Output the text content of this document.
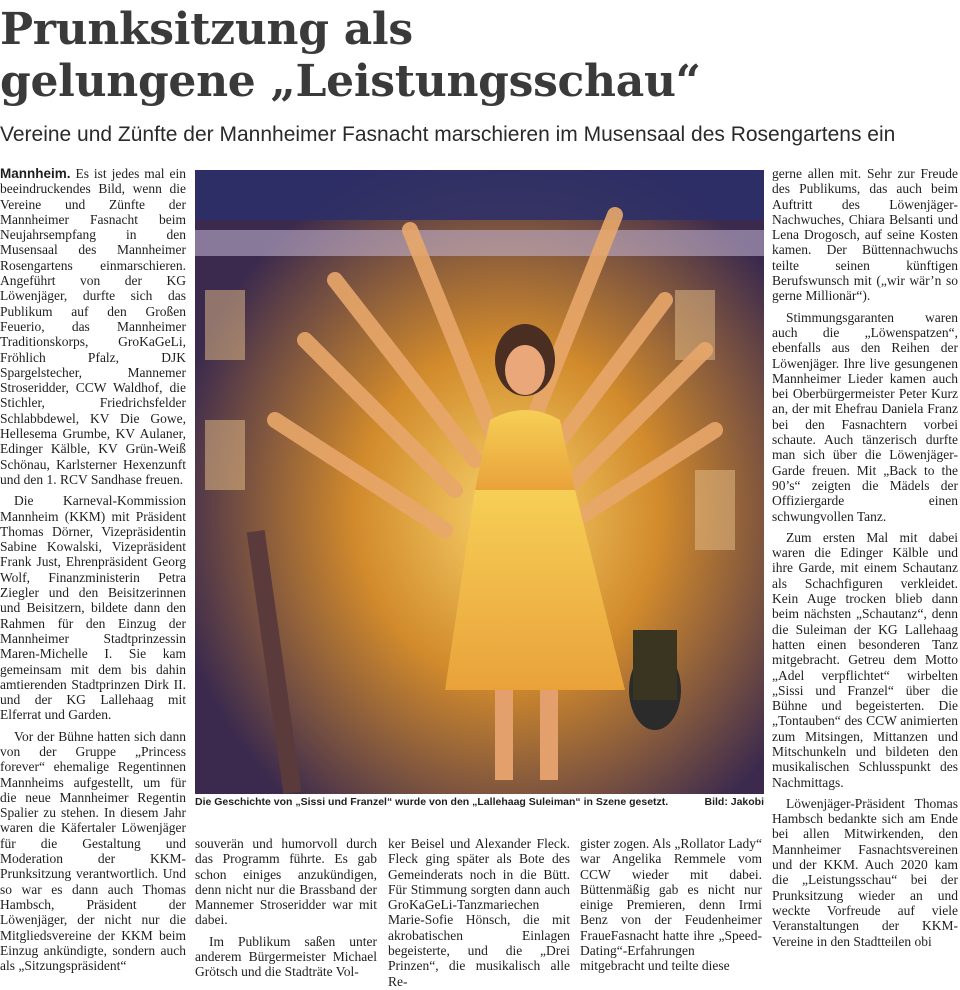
Prunksitzung als
gelungene „Leistungsschau“

Vereine und Zünfte der Mannheimer Fasnacht marschieren im Musensaal des Rosengartens ein

Mannheim. Es ist jedes mal ein beeindruckendes Bild, wenn die Vereine und Zünfte der Mannheimer Fasnacht beim Neujahrsempfang in den Musensaal des Mannheimer Rosengartens einmarschieren. Angeführt von der KG Löwenjäger, durfte sich das Publikum auf den Großen Feuerio, das Mannheimer Traditionskorps, GroKaGeLi, Fröhlich Pfalz, DJK Spargelstecher, Mannemer Stroseridder, CCW Waldhof, die Stichler, Friedrichsfelder Schlabbdewel, KV Die Gowe, Hellesema Grumbe, KV Aulaner, Edinger Kälble, KV Grün-Weiß Schönau, Karlsterner Hexenzunft und den 1. RCV Sandhase freuen.

Die Karneval-Kommission Mannheim (KKM) mit Präsident Thomas Dörner, Vizepräsidentin Sabine Kowalski, Vizepräsident Frank Just, Ehrenpräsident Georg Wolf, Finanzministerin Petra Ziegler und den Beisitzerinnen und Beisitzern, bildete dann den Rahmen für den Einzug der Mannheimer Stadtprinzessin Maren-Michelle I. Sie kam gemeinsam mit dem bis dahin amtierenden Stadtprinzen Dirk II. und der KG Lallehaag mit Elferrat und Garden.

Vor der Bühne hatten sich dann von der Gruppe „Princess forever“ ehemalige Regentinnen Mannheims aufgestellt, um für die neue Mannheimer Regentin Spalier zu stehen. In diesem Jahr waren die Käfertaler Löwenjäger für die Gestaltung und Moderation der KKM-Prunksitzung verantwortlich. Und so war es dann auch Thomas Hambsch, Präsident der Löwenjäger, der nicht nur die Mitgliedsvereine der KKM beim Einzug ankündigte, sondern auch als „Sitzungspräsident“

Die Geschichte von „Sissi und Franzel“ wurde von den „Lallehaag Suleiman“ in Szene gesetzt.	Bild: Jakobi

souverän und humorvoll durch das Programm führte. Es gab schon einiges anzukündigen, denn nicht nur die Brassband der Mannemer Stroseridder war mit dabei.

Im Publikum saßen unter anderem Bürgermeister Michael Grötsch und die Stadträte Vol-

ker Beisel und Alexander Fleck. Fleck ging später als Bote des Gemeinderats noch in die Bütt. Für Stimmung sorgten dann auch GroKaGeLi-Tanzmariechen Marie-Sofie Hönsch, die mit akrobatischen Einlagen begeisterte, und die „Drei Prinzen“, die musikalisch alle Re-

gister zogen. Als „Rollator Lady“ war Angelika Remmele vom CCW wieder mit dabei. Büttenmäßig gab es nicht nur einige Premieren, denn Irmi Benz von der Feudenheimer FraueFasnacht hatte ihre „Speed-Dating“-Erfahrungen mitgebracht und teilte diese

gerne allen mit. Sehr zur Freude des Publikums, das auch beim Auftritt des Löwenjäger-Nachwuches, Chiara Belsanti und Lena Drogosch, auf seine Kosten kamen. Der Büttennachwuchs teilte seinen künftigen Berufswunsch mit („wir wär’n so gerne Millionär“).

Stimmungsgaranten waren auch die „Löwenspatzen“, ebenfalls aus den Reihen der Löwenjäger. Ihre live gesungenen Mannheimer Lieder kamen auch bei Oberbürgermeister Peter Kurz an, der mit Ehefrau Daniela Franz bei den Fasnachtern vorbei schaute. Auch tänzerisch durfte man sich über die Löwenjäger-Garde freuen. Mit „Back to the 90’s“ zeigten die Mädels der Offiziergarde einen schwungvollen Tanz.

Zum ersten Mal mit dabei waren die Edinger Kälble und ihre Garde, mit einem Schautanz als Schachfiguren verkleidet. Kein Auge trocken blieb dann beim nächsten „Schautanz“, denn die Suleiman der KG Lallehaag hatten einen besonderen Tanz mitgebracht. Getreu dem Motto „Adel verpflichtet“ wirbelten „Sissi und Franzel“ über die Bühne und begeisterten. Die „Tontauben“ des CCW animierten zum Mitsingen, Mittanzen und Mitschunkeln und bildeten den musikalischen Schlusspunkt des Nachmittags.

Löwenjäger-Präsident Thomas Hambsch bedankte sich am Ende bei allen Mitwirkenden, den Mannheimer Fasnachtsvereinen und der KKM. Auch 2020 kam die „Leistungsschau“ bei der Prunksitzung wieder an und weckte Vorfreude auf viele Veranstaltungen der KKM-Vereine in den Stadtteilen obi
